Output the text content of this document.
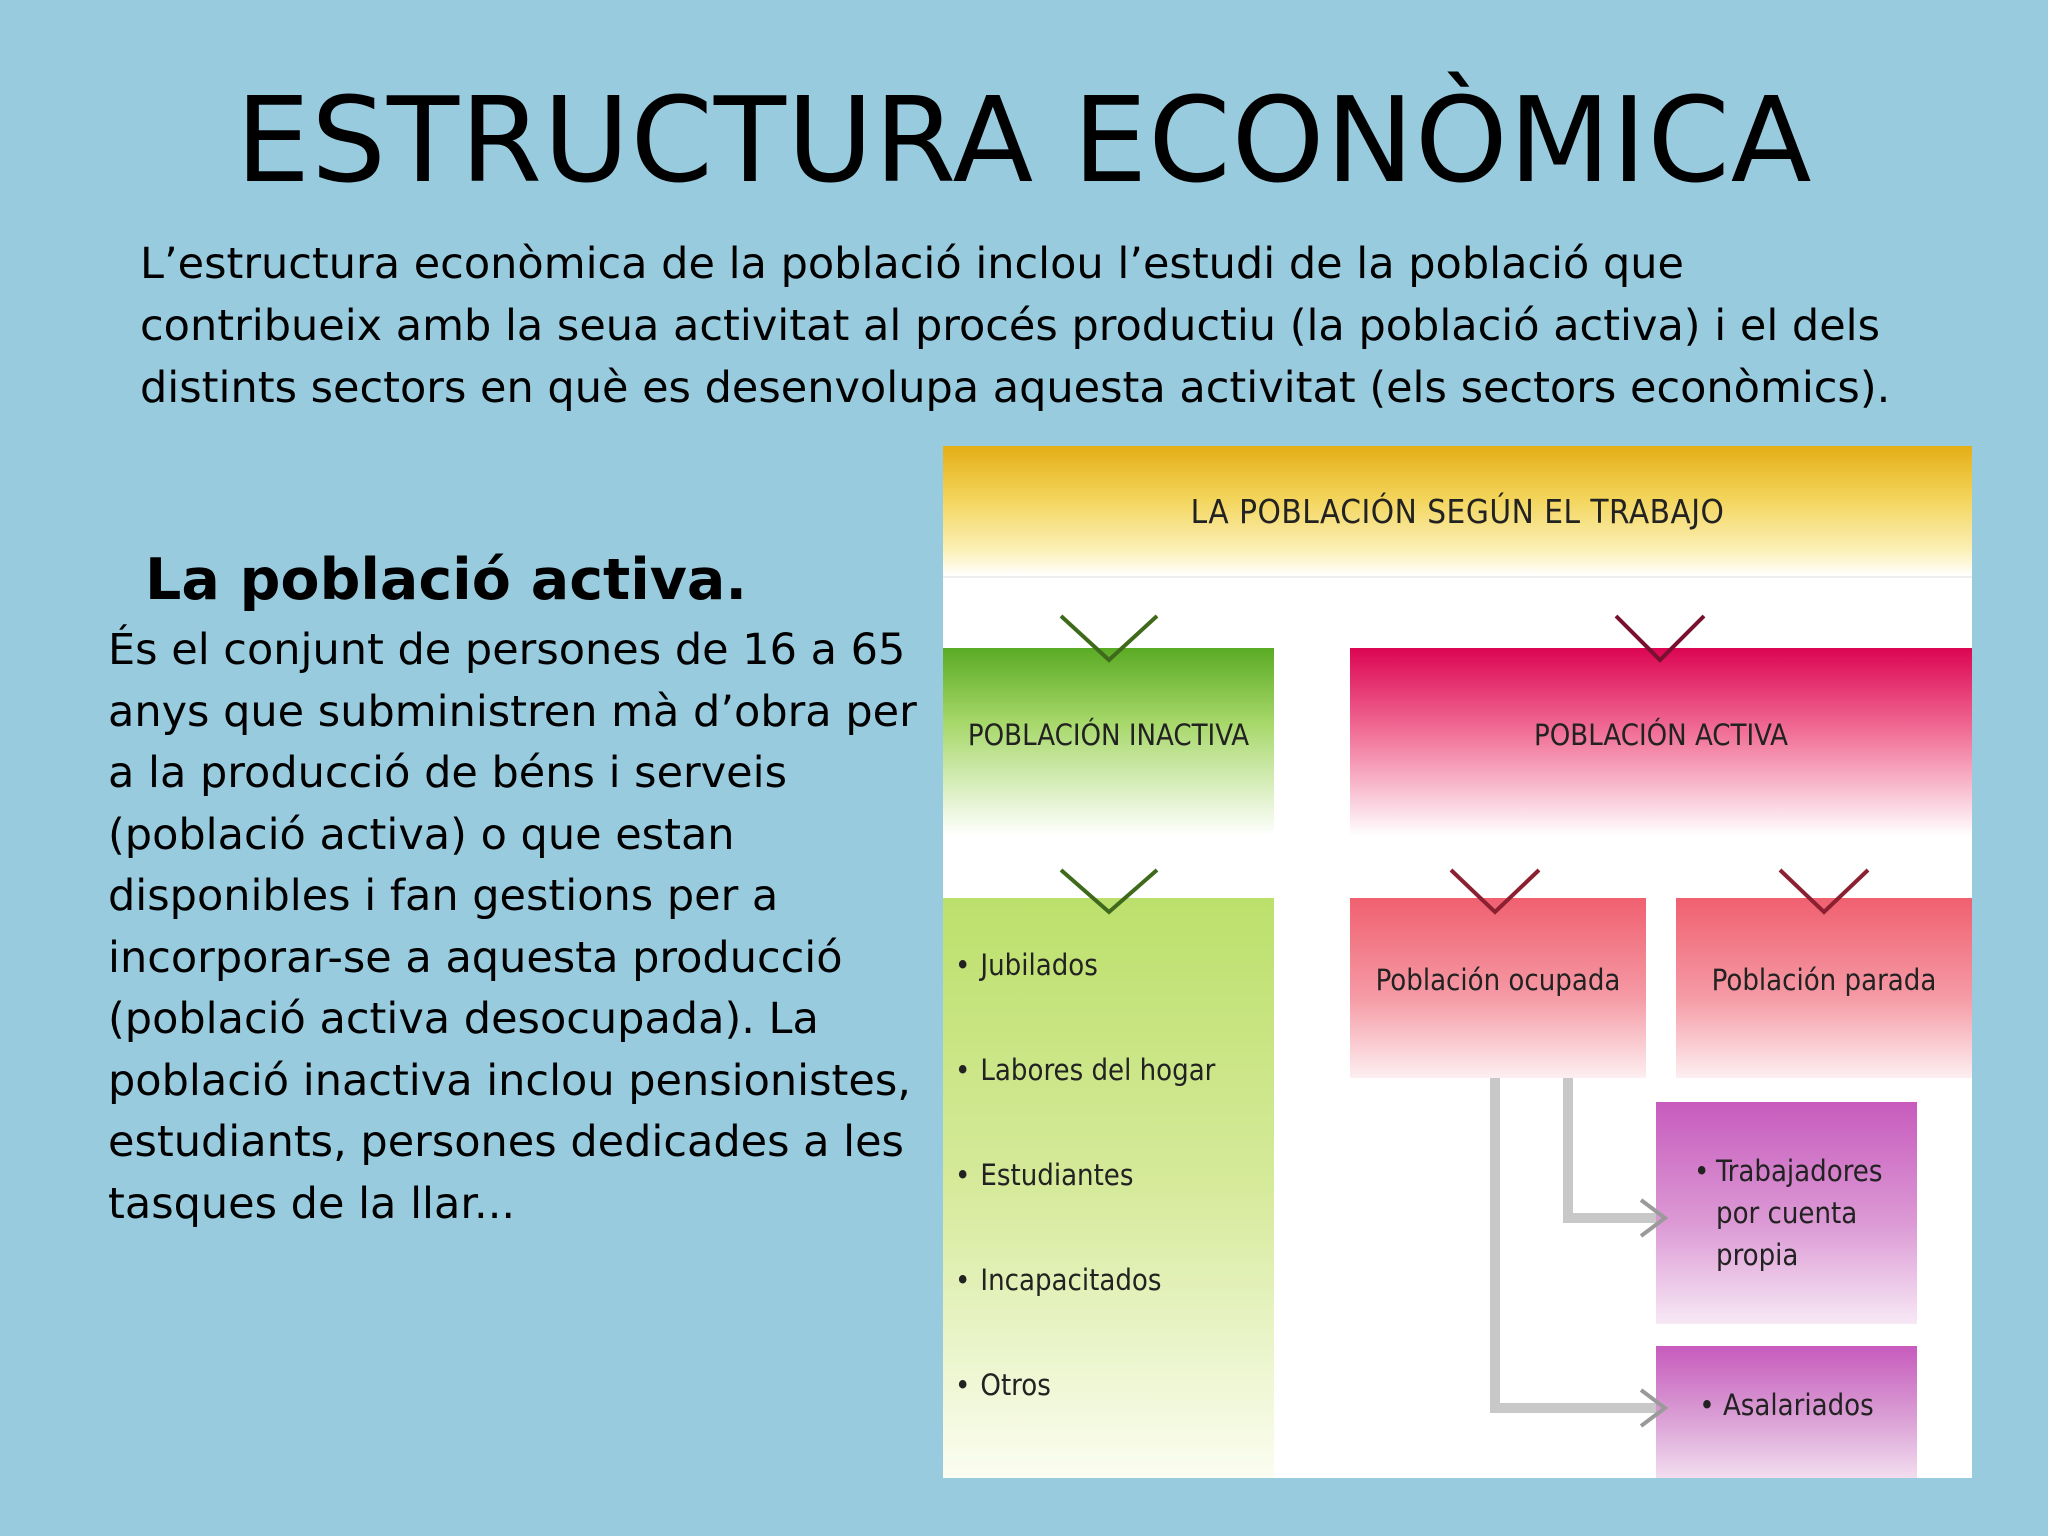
ESTRUCTURA ECONÒMICA
L’estructura econòmica de la població inclou l’estudi de la població que contribueix amb la seua activitat al procés productiu (la població activa) i el dels distints sectors en què es desenvolupa aquesta activitat (els sectors econòmics).
La població activa.
És el conjunt de persones de 16 a 65 anys que subministren mà d’obra per a la producció de béns i serveis (població activa) o que estan disponibles i fan gestions per a incorporar-se a aquesta producció (població activa desocupada). La població inactiva inclou pensionistes, estudiants, persones dedicades a les tasques de la llar...
LA POBLACIÓN SEGÚN EL TRABAJO
POBLACIÓN INACTIVA	POBLACIÓN ACTIVA
• Jubilados
• Labores del hogar
• Estudiantes
• Incapacitados
• Otros
Población ocupada	Población parada
• Trabajadores por cuenta propia
• Asalariados
